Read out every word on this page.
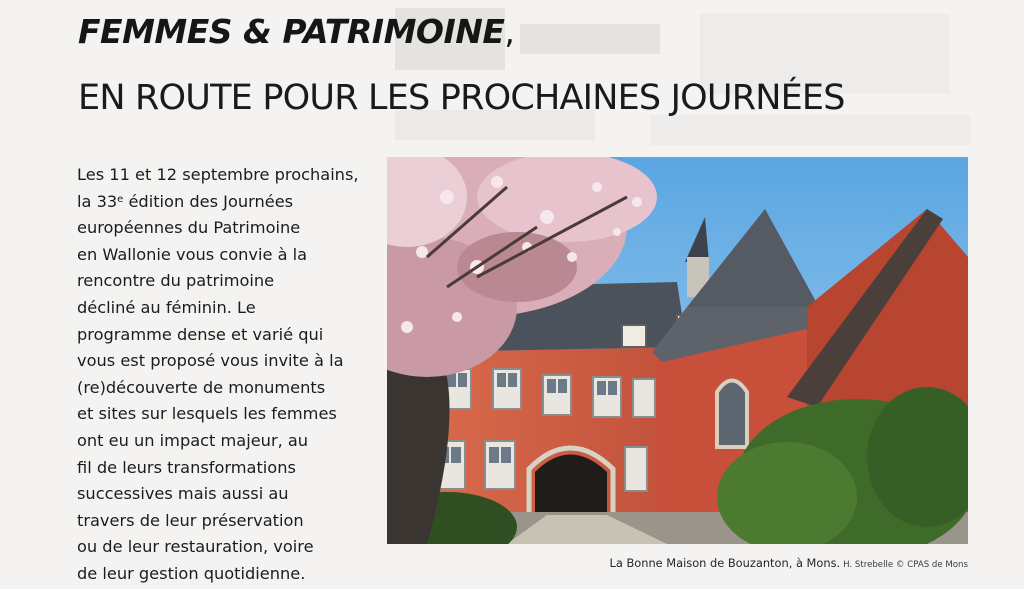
FEMMES & PATRIMOINE,
EN ROUTE POUR LES PROCHAINES JOURNÉES
Les 11 et 12 septembre prochains,
la 33e édition des Journées
européennes du Patrimoine
en Wallonie vous convie à la
rencontre du patrimoine
décliné au féminin. Le
programme dense et varié qui
vous est proposé vous invite à la
(re)découverte de monuments
et sites sur lesquels les femmes
ont eu un impact majeur, au
fil de leurs transformations
successives mais aussi au
travers de leur préservation
ou de leur restauration, voire
de leur gestion quotidienne.
La Bonne Maison de Bouzanton, à Mons. H. Strebelle © CPAS de Mons
